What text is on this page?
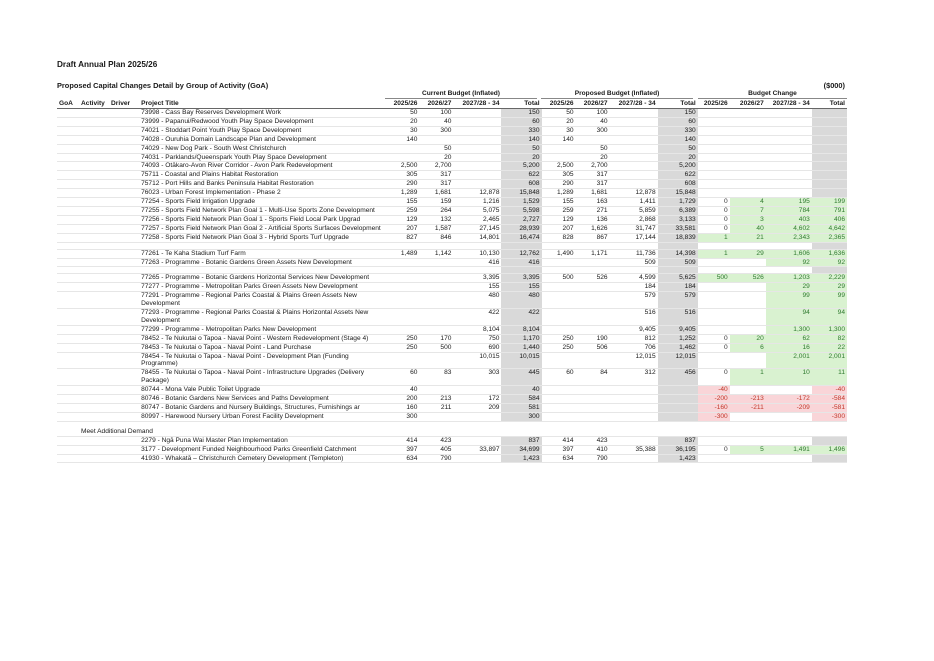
Draft Annual Plan 2025/26
Proposed Capital Changes Detail by Group of Activity (GoA)	($000)
Current Budget (Inflated)	Proposed Budget (Inflated)	Budget Change
GoA	Activity	Driver	Project Title	2025/26	2026/27	2027/28 - 34	Total	2025/26	2026/27	2027/28 - 34	Total	2025/26	2026/27	2027/28 - 34	Total
			73998 - Cass Bay Reserves Development Work	50	100		150	50	100		150				
			73999 - Papanui/Redwood Youth Play Space Development	20	40		60	20	40		60				
			74021 - Stoddart Point Youth Play Space Development	30	300		330	30	300		330				
			74028 - Ouruhia Domain Landscape Plan and Development	140			140	140			140				
			74029 - New Dog Park - South West Christchurch		50		50		50		50				
			74031 - Parklands/Queenspark Youth Play Space Development		20		20		20		20				
			74093 - Ōtākaro-Avon River Corridor - Avon Park Redevelopment	2,500	2,700		5,200	2,500	2,700		5,200				
			75711 - Coastal and Plains Habitat Restoration	305	317		622	305	317		622				
			75712 - Port Hills and Banks Peninsula Habitat Restoration	290	317		608	290	317		608				
			76023 - Urban Forest Implementation - Phase 2	1,289	1,681	12,878	15,848	1,289	1,681	12,878	15,848				
			77254 - Sports Field Irrigation Upgrade	155	159	1,216	1,529	155	163	1,411	1,729	0	4	195	199
			77255 - Sports Field Network Plan Goal 1 - Multi-Use Sports Zone Development	259	264	5,075	5,598	259	271	5,859	6,389	0	7	784	791
			77256 - Sports Field Network Plan Goal 1 - Sports Field Local Park Upgrad	129	132	2,465	2,727	129	136	2,868	3,133	0	3	403	406
			77257 - Sports Field Network Plan Goal 2 - Artificial Sports Surfaces Development	207	1,587	27,145	28,939	207	1,626	31,747	33,581	0	40	4,602	4,642
			77258 - Sports Field Network Plan Goal 3 - Hybrid Sports Turf Upgrade	827	846	14,801	16,474	828	867	17,144	18,839	1	21	2,343	2,365

			77261 - Te Kaha Stadium Turf Farm	1,489	1,142	10,130	12,762	1,490	1,171	11,736	14,398	1	29	1,606	1,636
			77263 - Programme - Botanic Gardens Green Assets New Development			416	416			509	509			92	92

			77265 - Programme - Botanic Gardens Horizontal Services New Development			3,395	3,395	500	526	4,599	5,625	500	526	1,203	2,229
			77277 - Programme - Metropolitan Parks Green Assets New Development			155	155			184	184			29	29
			77291 - Programme - Regional Parks Coastal & Plains Green Assets New Development			480	480			579	579			99	99
			77293 - Programme - Regional Parks Coastal & Plains Horizontal Assets New Development			422	422			516	516			94	94
			77299 - Programme - Metropolitan Parks New Development			8,104	8,104			9,405	9,405			1,300	1,300
			78452 - Te Nukutai o Tapoa - Naval Point - Western Redevelopment (Stage 4)	250	170	750	1,170	250	190	812	1,252	0	20	62	82
			78453 - Te Nukutai o Tapoa - Naval Point - Land Purchase	250	500	690	1,440	250	506	706	1,462	0	6	16	22
			78454 - Te Nukutai o Tapoa - Naval Point - Development Plan (Funding Programme)			10,015	10,015			12,015	12,015			2,001	2,001
			78455 - Te Nukutai o Tapoa - Naval Point - Infrastructure Upgrades (Delivery Package)	60	83	303	445	60	84	312	456	0	1	10	11
			80744 - Mona Vale Public Toilet Upgrade	40			40					-40			-40
			80746 - Botanic Gardens New Services and Paths Development	200	213	172	584					-200	-213	-172	-584
			80747 - Botanic Gardens and Nursery Buildings, Structures, Furnishings ar	160	211	209	581					-160	-211	-209	-581
			80997 - Harewood Nursery Urban Forest Facility Development	300			300					-300			-300
	Meet Additional Demand														
			2279 - Ngā Puna Wai Master Plan Implementation	414	423		837	414	423		837				
			3177 - Development Funded Neighbourhood Parks Greenfield Catchment	397	405	33,897	34,699	397	410	35,388	36,195	0	5	1,491	1,496
			41930 - Whakatā – Christchurch Cemetery Development (Templeton)	634	790		1,423	634	790		1,423				
